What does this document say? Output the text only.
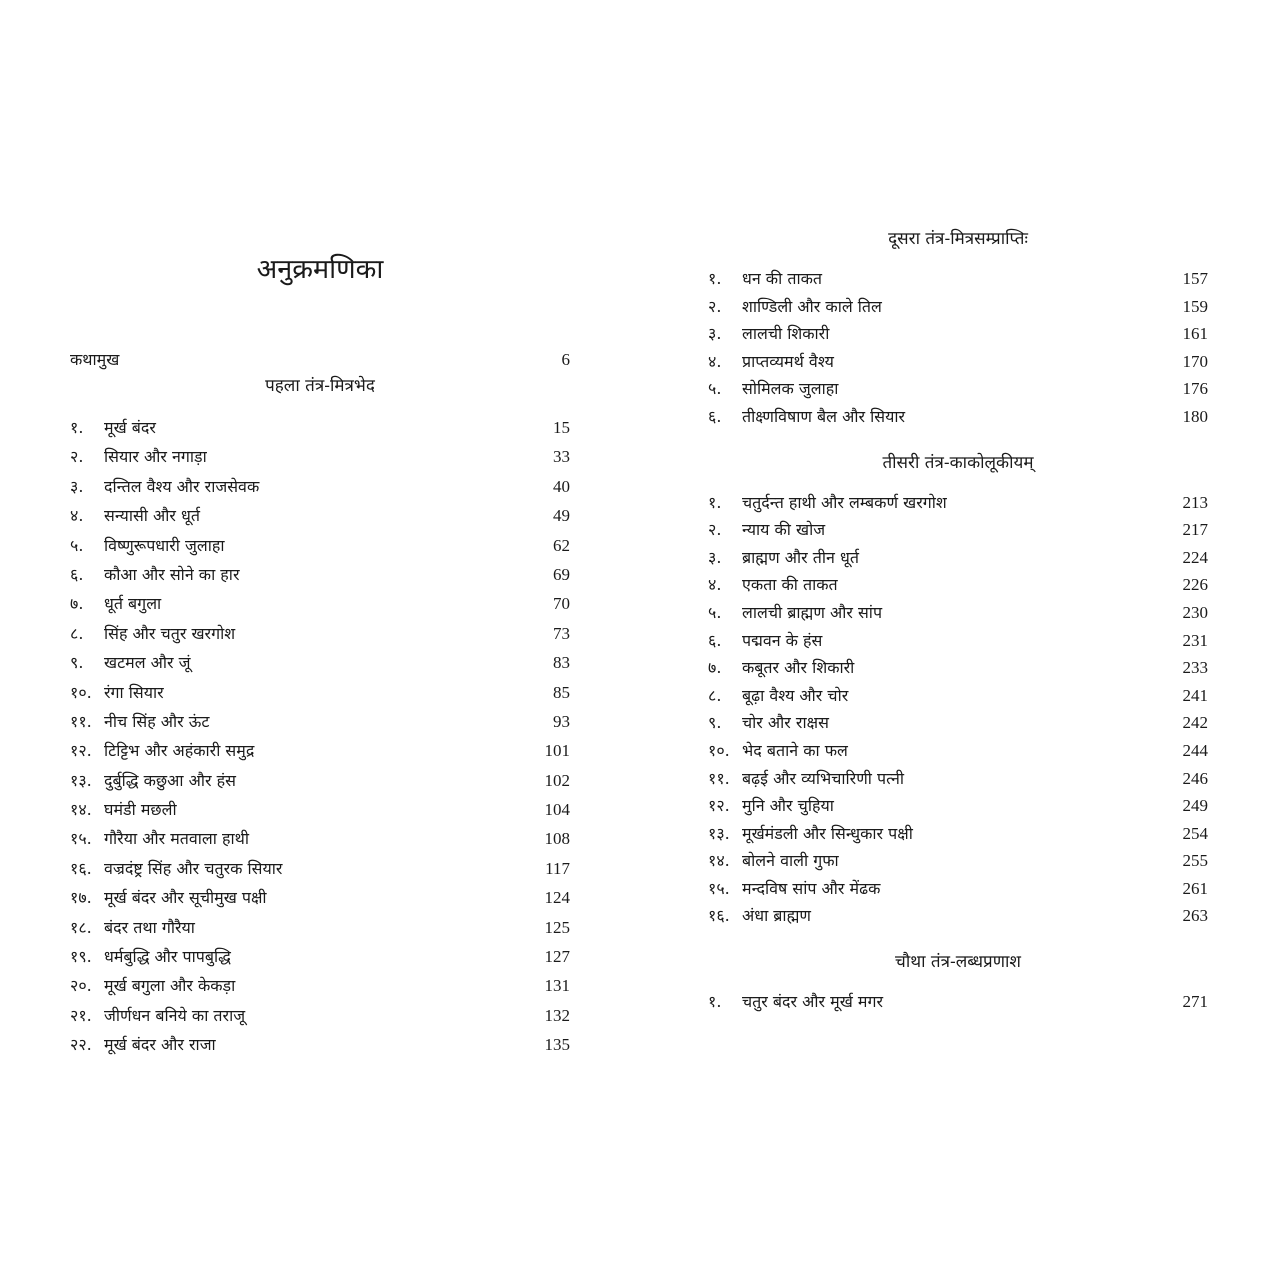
अनुक्रमणिका
कथामुख	6
पहला तंत्र-मित्रभेद
१. मूर्ख बंदर	15
२. सियार और नगाड़ा	33
३. दन्तिल वैश्य और राजसेवक	40
४. सन्यासी और धूर्त	49
५. विष्णुरूपधारी जुलाहा	62
६. कौआ और सोने का हार	69
७. धूर्त बगुला	70
८. सिंह और चतुर खरगोश	73
९. खटमल और जूं	83
१०. रंगा सियार	85
११. नीच सिंह और ऊंट	93
१२. टिट्टिभ और अहंकारी समुद्र	101
१३. दुर्बुद्धि कछुआ और हंस	102
१४. घमंडी मछली	104
१५. गौरैया और मतवाला हाथी	108
१६. वज्रदंष्ट्र सिंह और चतुरक सियार	117
१७. मूर्ख बंदर और सूचीमुख पक्षी	124
१८. बंदर तथा गौरैया	125
१९. धर्मबुद्धि और पापबुद्धि	127
२०. मूर्ख बगुला और केकड़ा	131
२१. जीर्णधन बनिये का तराजू	132
२२. मूर्ख बंदर और राजा	135
दूसरा तंत्र-मित्रसम्प्राप्तिः
१. धन की ताकत	157
२. शाण्डिली और काले तिल	159
३. लालची शिकारी	161
४. प्राप्तव्यमर्थ वैश्य	170
५. सोमिलक जुलाहा	176
६. तीक्ष्णविषाण बैल और सियार	180
तीसरी तंत्र-काकोलूकीयम्
१. चतुर्दन्त हाथी और लम्बकर्ण खरगोश	213
२. न्याय की खोज	217
३. ब्राह्मण और तीन धूर्त	224
४. एकता की ताकत	226
५. लालची ब्राह्मण और सांप	230
६. पद्मवन के हंस	231
७. कबूतर और शिकारी	233
८. बूढ़ा वैश्य और चोर	241
९. चोर और राक्षस	242
१०. भेद बताने का फल	244
११. बढ़ई और व्यभिचारिणी पत्नी	246
१२. मुनि और चुहिया	249
१३. मूर्खमंडली और सिन्धुकार पक्षी	254
१४. बोलने वाली गुफा	255
१५. मन्दविष सांप और मेंढक	261
१६. अंधा ब्राह्मण	263
चौथा तंत्र-लब्धप्रणाश
१. चतुर बंदर और मूर्ख मगर	271
